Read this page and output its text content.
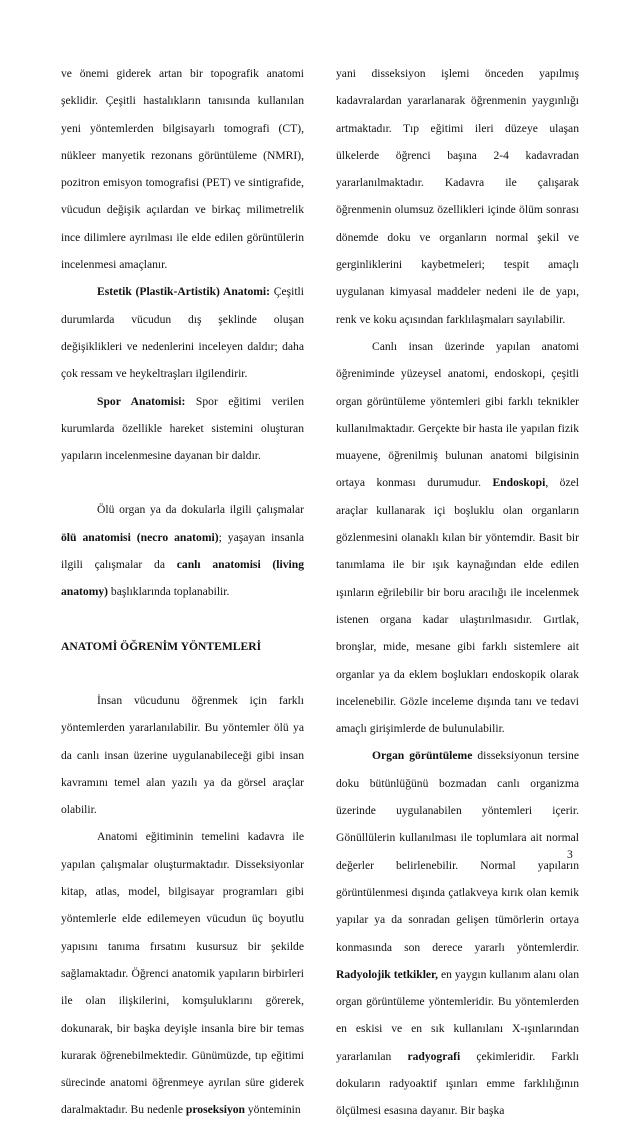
ve önemi giderek artan bir topografik anatomi şeklidir. Çeşitli hastalıkların tanısında kullanılan yeni yöntemlerden bilgisayarlı tomografi (CT), nükleer manyetik rezonans görüntüleme (NMRI), pozitron emisyon tomografisi (PET) ve sintigrafide, vücudun değişik açılardan ve birkaç milimetrelik ince dilimlere ayrılması ile elde edilen görüntülerin incelenmesi amaçlanır.

Estetik (Plastik-Artistik) Anatomi: Çeşitli durumlarda vücudun dış şeklinde oluşan değişiklikleri ve nedenlerini inceleyen daldır; daha çok ressam ve heykeltraşları ilgilendirir.

Spor Anatomisi: Spor eğitimi verilen kurumlarda özellikle hareket sistemini oluşturan yapıların incelenmesine dayanan bir daldır.

Ölü organ ya da dokularla ilgili çalışmalar ölü anatomisi (necro anatomi); yaşayan insanla ilgili çalışmalar da canlı anatomisi (living anatomy) başlıklarında toplanabilir.

ANATOMİ ÖĞRENİM YÖNTEMLERİ

İnsan vücudunu öğrenmek için farklı yöntemlerden yararlanılabilir. Bu yöntemler ölü ya da canlı insan üzerine uygulanabileceği gibi insan kavramını temel alan yazılı ya da görsel araçlar olabilir.

Anatomi eğitiminin temelini kadavra ile yapılan çalışmalar oluşturmaktadır. Disseksiyonlar kitap, atlas, model, bilgisayar programları gibi yöntemlerle elde edilemeyen vücudun üç boyutlu yapısını tanıma fırsatını kusursuz bir şekilde sağlamaktadır. Öğrenci anatomik yapıların birbirleri ile olan ilişkilerini, komşuluklarını görerek, dokunarak, bir başka deyişle insanla bire bir temas kurarak öğrenebilmektedir. Günümüzde, tıp eğitimi sürecinde anatomi öğrenmeye ayrılan süre giderek daralmaktadır. Bu nedenle proseksiyon yönteminin

yani disseksiyon işlemi önceden yapılmış kadavralardan yararlanarak öğrenmenin yaygınlığı artmaktadır. Tıp eğitimi ileri düzeye ulaşan ülkelerde öğrenci başına 2-4 kadavradan yararlanılmaktadır. Kadavra ile çalışarak öğrenmenin olumsuz özellikleri içinde ölüm sonrası dönemde doku ve organların normal şekil ve gerginliklerini kaybetmeleri; tespit amaçlı uygulanan kimyasal maddeler nedeni ile de yapı, renk ve koku açısından farklılaşmaları sayılabilir.

Canlı insan üzerinde yapılan anatomi öğreniminde yüzeysel anatomi, endoskopi, çeşitli organ görüntüleme yöntemleri gibi farklı teknikler kullanılmaktadır. Gerçekte bir hasta ile yapılan fizik muayene, öğrenilmiş bulunan anatomi bilgisinin ortaya konması durumudur. Endoskopi, özel araçlar kullanarak içi boşluklu olan organların gözlenmesini olanaklı kılan bir yöntemdir. Basit bir tanımlama ile bir ışık kaynağından elde edilen ışınların eğrilebilir bir boru aracılığı ile incelenmek istenen organa kadar ulaştırılmasıdır. Gırtlak, bronşlar, mide, mesane gibi farklı sistemlere ait organlar ya da eklem boşlukları endoskopik olarak incelenebilir. Gözle inceleme dışında tanı ve tedavi amaçlı girişimlerde de bulunulabilir.

Organ görüntüleme disseksiyonun tersine doku bütünlüğünü bozmadan canlı organizma üzerinde uygulanabilen yöntemleri içerir. Gönüllülerin kullanılması ile toplumlara ait normal değerler belirlenebilir. Normal yapıların görüntülenmesi dışında çatlakveya kırık olan kemik yapılar ya da sonradan gelişen tümörlerin ortaya konmasında son derece yararlı yöntemlerdir. Radyolojik tetkikler, en yaygın kullanım alanı olan organ görüntüleme yöntemleridir. Bu yöntemlerden en eskisi ve en sık kullanılanı X-ışınlarından yararlanılan radyografi çekimleridir. Farklı dokuların radyoaktif ışınları emme farklılığının ölçülmesi esasına dayanır. Bir başka

3
